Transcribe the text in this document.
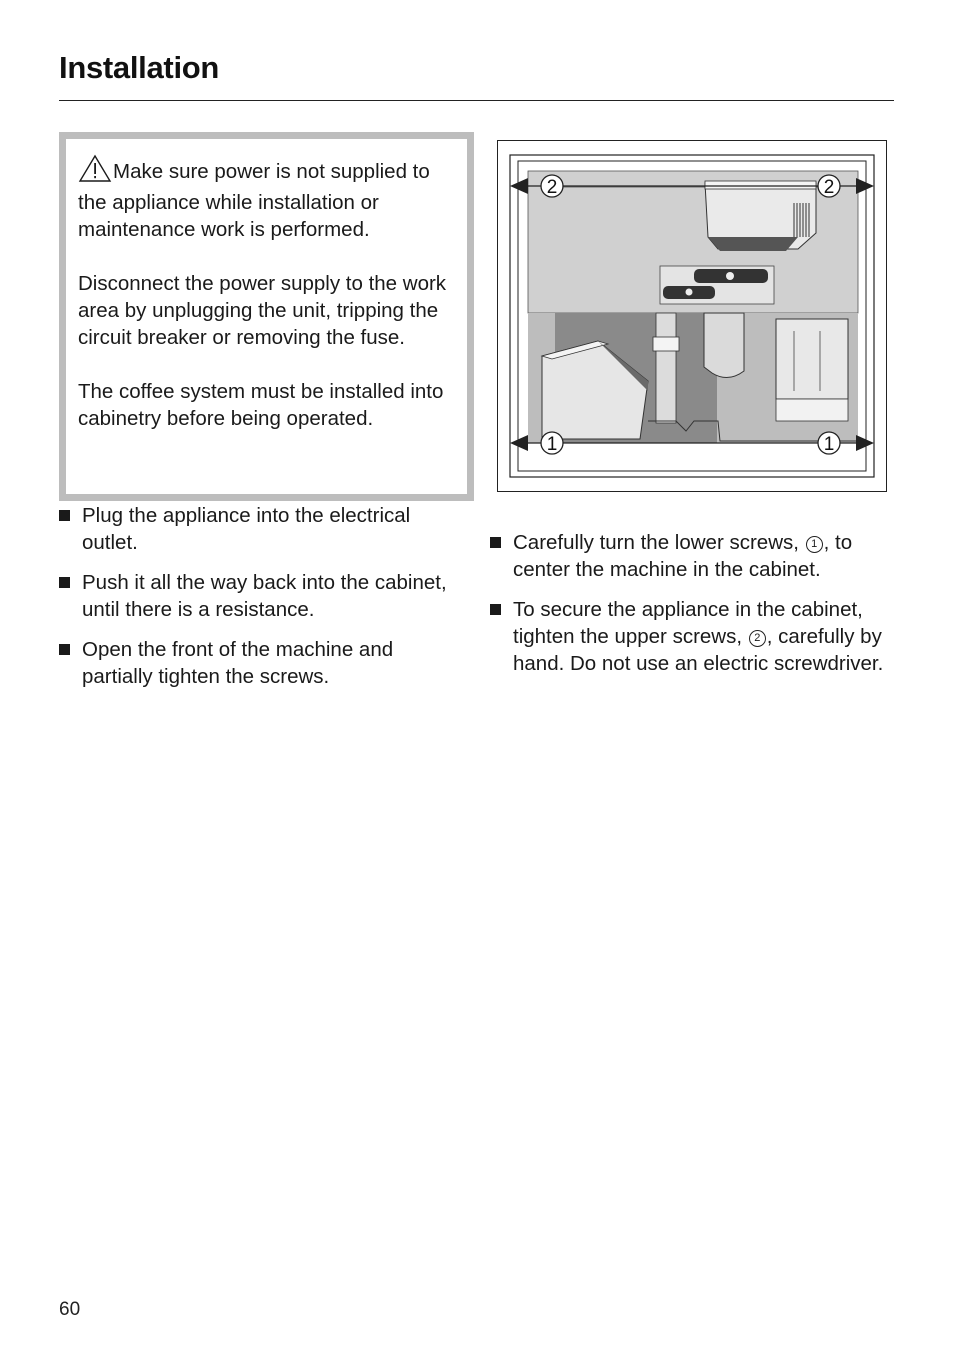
Installation

Make sure power is not supplied to the appliance while installation or maintenance work is performed.

Disconnect the power supply to the work area by unplugging the unit, tripping the circuit breaker or removing the fuse.

The coffee system must be installed into cabinetry before being operated.

Plug the appliance into the electrical outlet.
Push it all the way back into the cabinet, until there is a resistance.
Open the front of the machine and partially tighten the screws.
2	2
1	1
Carefully turn the lower screws, 1 , to center the machine in the cabinet.
To secure the appliance in the cabinet, tighten the upper screws, 2 , carefully by hand. Do not use an electric screwdriver.
60
